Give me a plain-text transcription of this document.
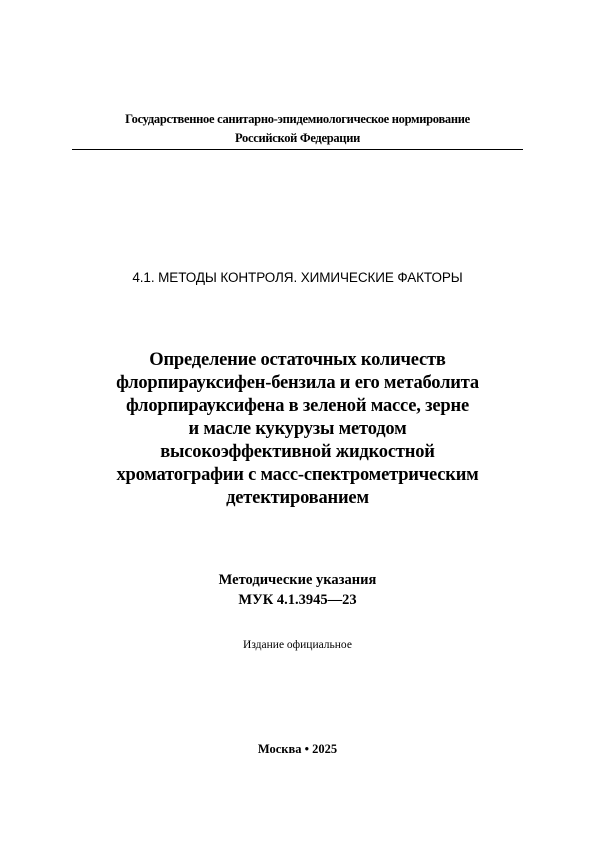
Государственное санитарно-эпидемиологическое нормирование
Российской Федерации
4.1. МЕТОДЫ КОНТРОЛЯ. ХИМИЧЕСКИЕ ФАКТОРЫ
Определение остаточных количеств
флорпирауксифен-бензила и его метаболита
флорпирауксифена в зеленой массе, зерне
и масле кукурузы методом
высокоэффективной жидкостной
хроматографии с масс-спектрометрическим
детектированием
Методические указания
МУК 4.1.3945—23
Издание официальное
Москва • 2025
